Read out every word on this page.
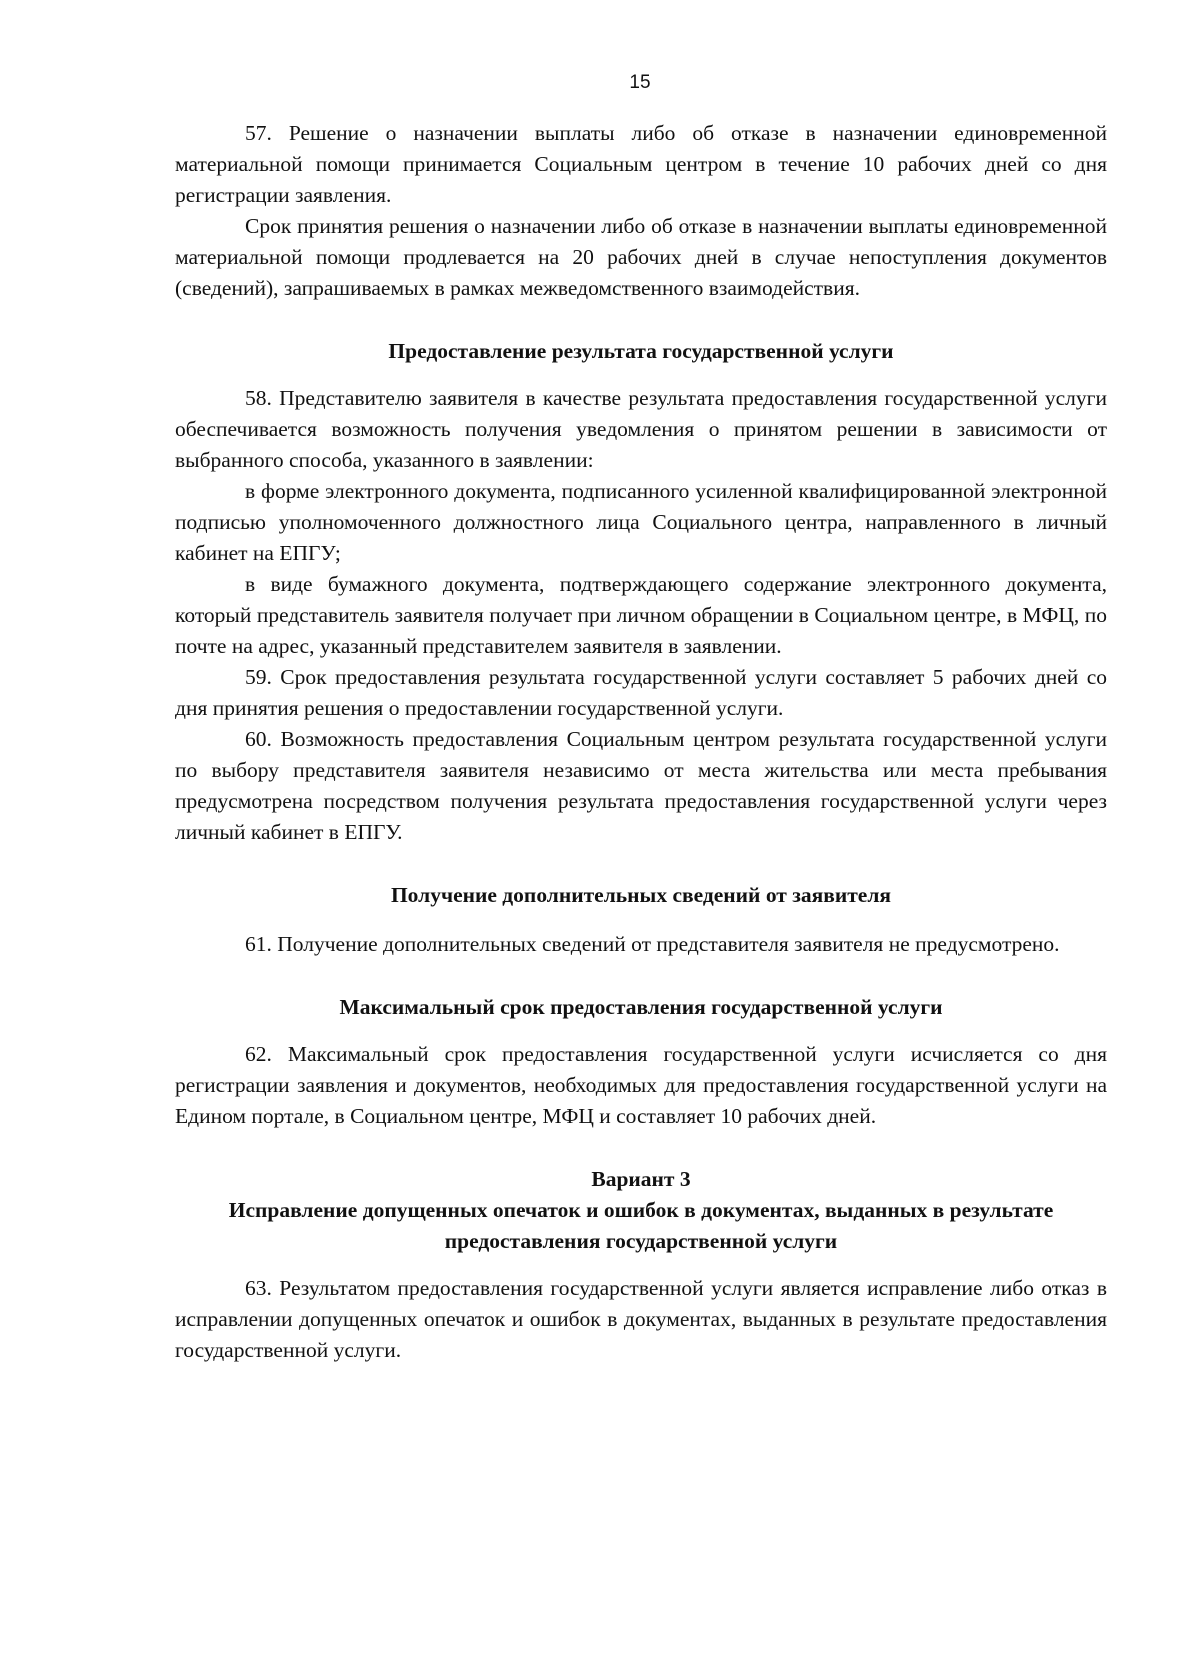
15

57. Решение о назначении выплаты либо об отказе в назначении единовременной материальной помощи принимается Социальным центром в течение 10 рабочих дней со дня регистрации заявления.

Срок принятия решения о назначении либо об отказе в назначении выплаты единовременной материальной помощи продлевается на 20 рабочих дней в случае непоступления документов (сведений), запрашиваемых в рамках межведомственного взаимодействия.

Предоставление результата государственной услуги

58. Представителю заявителя в качестве результата предоставления государственной услуги обеспечивается возможность получения уведомления о принятом решении в зависимости от выбранного способа, указанного в заявлении:

в форме электронного документа, подписанного усиленной квалифицированной электронной подписью уполномоченного должностного лица Социального центра, направленного в личный кабинет на ЕПГУ;

в виде бумажного документа, подтверждающего содержание электронного документа, который представитель заявителя получает при личном обращении в Социальном центре, в МФЦ, по почте на адрес, указанный представителем заявителя в заявлении.

59. Срок предоставления результата государственной услуги составляет 5 рабочих дней со дня принятия решения о предоставлении государственной услуги.

60. Возможность предоставления Социальным центром результата государственной услуги по выбору представителя заявителя независимо от места жительства или места пребывания предусмотрена посредством получения результата предоставления государственной услуги через личный кабинет в ЕПГУ.

Получение дополнительных сведений от заявителя

61. Получение дополнительных сведений от представителя заявителя не предусмотрено.

Максимальный срок предоставления государственной услуги

62. Максимальный срок предоставления государственной услуги исчисляется со дня регистрации заявления и документов, необходимых для предоставления государственной услуги на Едином портале, в Социальном центре, МФЦ и составляет 10 рабочих дней.

Вариант 3

Исправление допущенных опечаток и ошибок в документах, выданных в результате предоставления государственной услуги

63. Результатом предоставления государственной услуги является исправление либо отказ в исправлении допущенных опечаток и ошибок в документах, выданных в результате предоставления государственной услуги.
